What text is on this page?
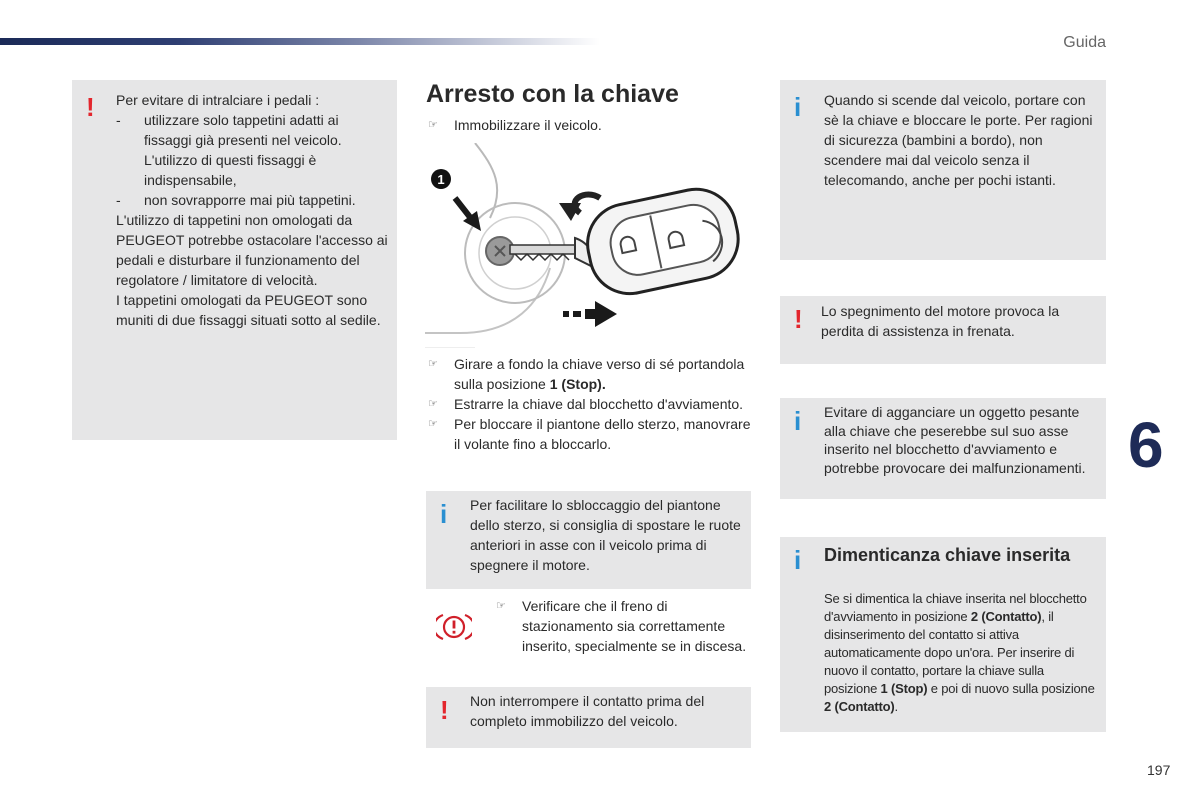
Guida
6
197
! Per evitare di intralciare i pedali :

- utilizzare solo tappetini adatti ai fissaggi già presenti nel veicolo. L'utilizzo di questi fissaggi è indispensabile,

- non sovrapporre mai più tappetini.

L'utilizzo di tappetini non omologati da PEUGEOT potrebbe ostacolare l'accesso ai pedali e disturbare il funzionamento del regolatore / limitatore di velocità.

I tappetini omologati da PEUGEOT sono muniti di due fissaggi situati sotto al sedile.

Arresto con la chiave
☞ Immobilizzare il veicolo.
1
☞ Girare a fondo la chiave verso di sé portandola sulla posizione 1 (Stop).
☞ Estrarre la chiave dal blocchetto d'avviamento.
☞ Per bloccare il piantone dello sterzo, manovrare il volante fino a bloccarlo.
i Per facilitare lo sbloccaggio del piantone dello sterzo, si consiglia di spostare le ruote anteriori in asse con il veicolo prima di spegnere il motore.
☞ Verificare che il freno di stazionamento sia correttamente inserito, specialmente se in discesa.
! Non interrompere il contatto prima del completo immobilizzo del veicolo.
i Quando si scende dal veicolo, portare con sè la chiave e bloccare le porte. Per ragioni di sicurezza (bambini a bordo), non scendere mai dal veicolo senza il telecomando, anche per pochi istanti.
! Lo spegnimento del motore provoca la perdita di assistenza in frenata.
i Evitare di agganciare un oggetto pesante alla chiave che peserebbe sul suo asse inserito nel blocchetto d'avviamento e potrebbe provocare dei malfunzionamenti.
i Dimenticanza chiave inserita
Se si dimentica la chiave inserita nel blocchetto d'avviamento in posizione 2 (Contatto), il disinserimento del contatto si attiva automaticamente dopo un'ora. Per inserire di nuovo il contatto, portare la chiave sulla posizione 1 (Stop) e poi di nuovo sulla posizione 2 (Contatto).
